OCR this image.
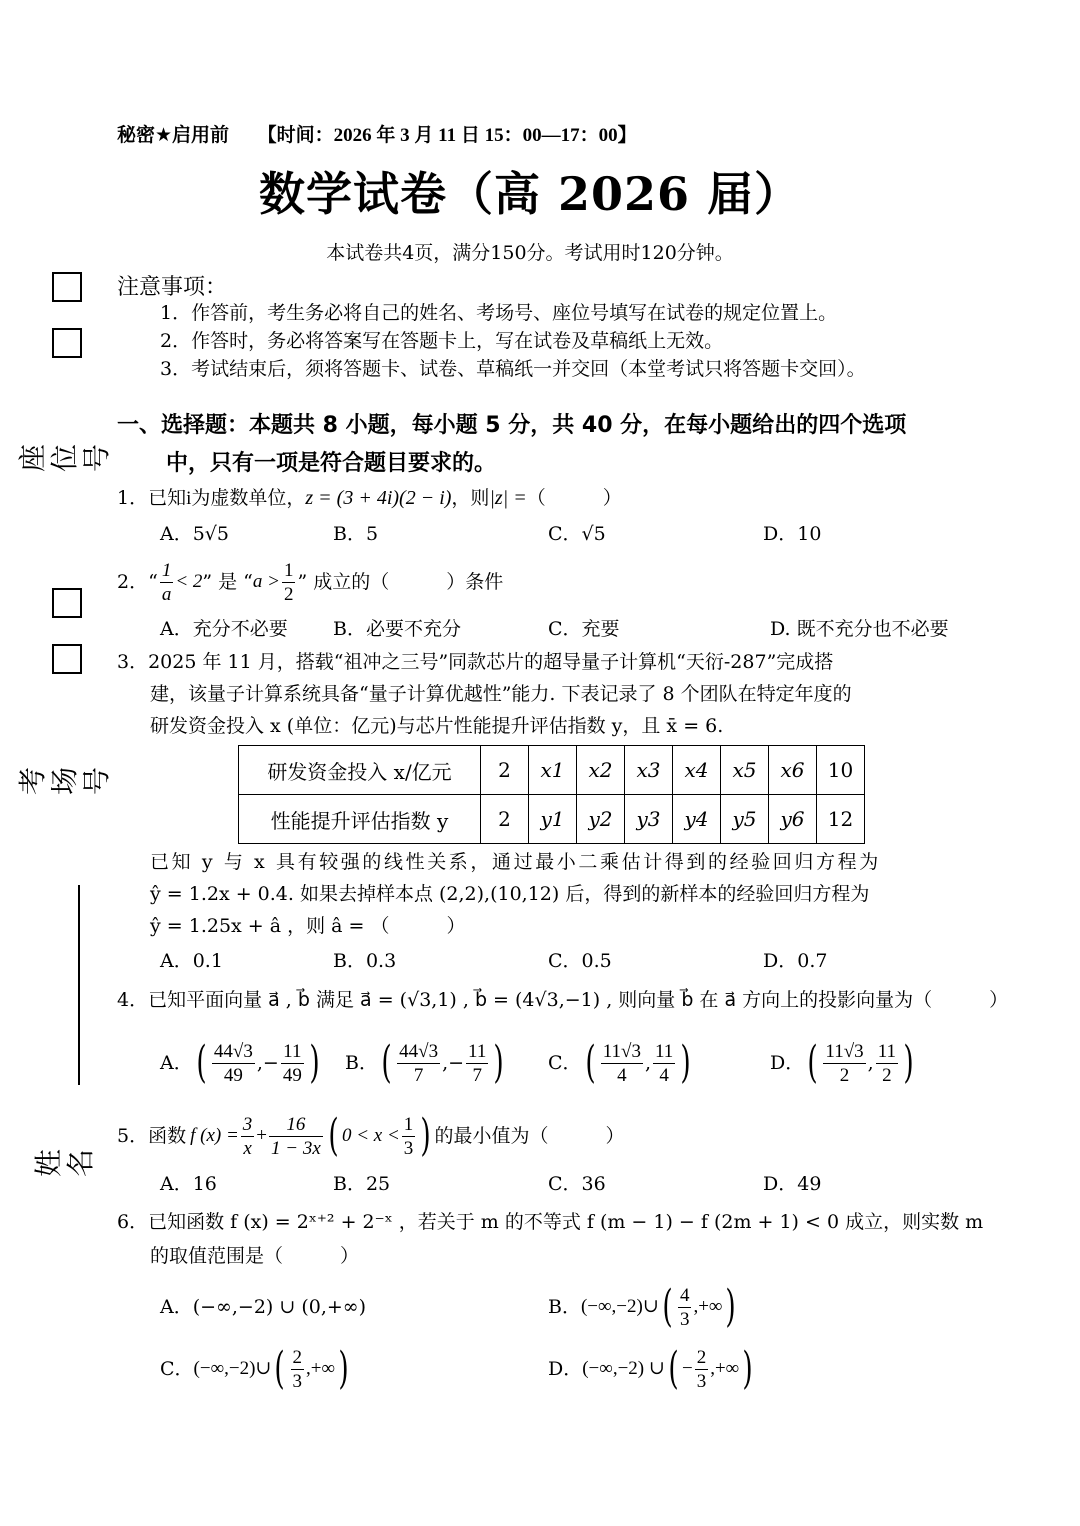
座位号
考场号
姓　名
秘密★启用前 【时间：2026 年 3 月 11 日 15：00—17：00】
数学试卷（高 2026 届）
本试卷共4页，满分150分。考试用时120分钟。
注意事项：
1．作答前，考生务必将自己的姓名、考场号、座位号填写在试卷的规定位置上。
2．作答时，务必将答案写在答题卡上，写在试卷及草稿纸上无效。
3．考试结束后，须将答题卡、试卷、草稿纸一并交回（本堂考试只将答题卡交回）。
一、选择题：本题共 8 小题，每小题 5 分，共 40 分，在每小题给出的四个选项
中，只有一项是符合题目要求的。
1．已知i为虚数单位，z = (3 + 4i)(2 − i)，则|z| =（　　　）
A．5√5	B．5	C．√5	D．10
2． “ $\frac{1}{a} < 2$ ” 是 “ $a > \frac{1}{2}$ ” 成立的（　　　）条件
A．充分不必要 B．必要不充分	C．充要	D. 既不充分也不必要
3．2025 年 11 月，搭载“祖冲之三号”同款芯片的超导量子计算机“天衍-287”完成搭
建，该量子计算系统具备“量子计算优越性”能力. 下表记录了 8 个团队在特定年度的
研发资金投入 x (单位：亿元)与芯片性能提升评估指数 y，且 x̄ = 6.
研发资金投入 x/亿元	2	x1	x2	x3	x4	x5	x6	10
性能提升评估指数 y	2	y1	y2	y3	y4	y5	y6	12
已知 y 与 x 具有较强的线性关系，通过最小二乘估计得到的经验回归方程为
ŷ = 1.2x + 0.4. 如果去掉样本点 (2,2),(10,12) 后，得到的新样本的经验回归方程为
ŷ = 1.25x + â ，则 â = （　　　）
A．0.1	B．0.3	C．0.5	D．0.7
4．已知平面向量 a⃗ , b⃗ 满足 a⃗ = (√3,1) , b⃗ = (4√3,−1) , 则向量 b⃗ 在 a⃗ 方向上的投影向量为（　　　）
A． ( $\frac{44√3}{49}$ ,− $\frac{11}{49}$ ) B． ( $\frac{44√3}{7}$ ,− $\frac{11}{7}$ ) C． ( $\frac{11√3}{4}$ , $\frac{11}{4}$ )	D． ( $\frac{11√3}{2}$ , $\frac{11}{2}$ )
5．函数 f $(x) = \frac{3}{x} + \frac{16}{1 - 3x}$ ( $0 < x < \frac{1}{3}$ ) 的最小值为（　　　）
A．16	B．25	C．36	D．49
6．已知函数 f (x) = 2ˣ⁺² + 2⁻ˣ ，若关于 m 的不等式 f (m − 1) − f (2m + 1) < 0 成立，则实数 m
的取值范围是（　　　）
A．(−∞,−2) ∪ (0,+∞)	B． (−∞,−2)∪ ( $\frac{4}{3}$ ,+∞ )
C． (−∞,−2)∪ ( $\frac{2}{3}$ ,+∞ )	D． (−∞,−2) ∪ ( − $\frac{2}{3}$ ,+∞ )
